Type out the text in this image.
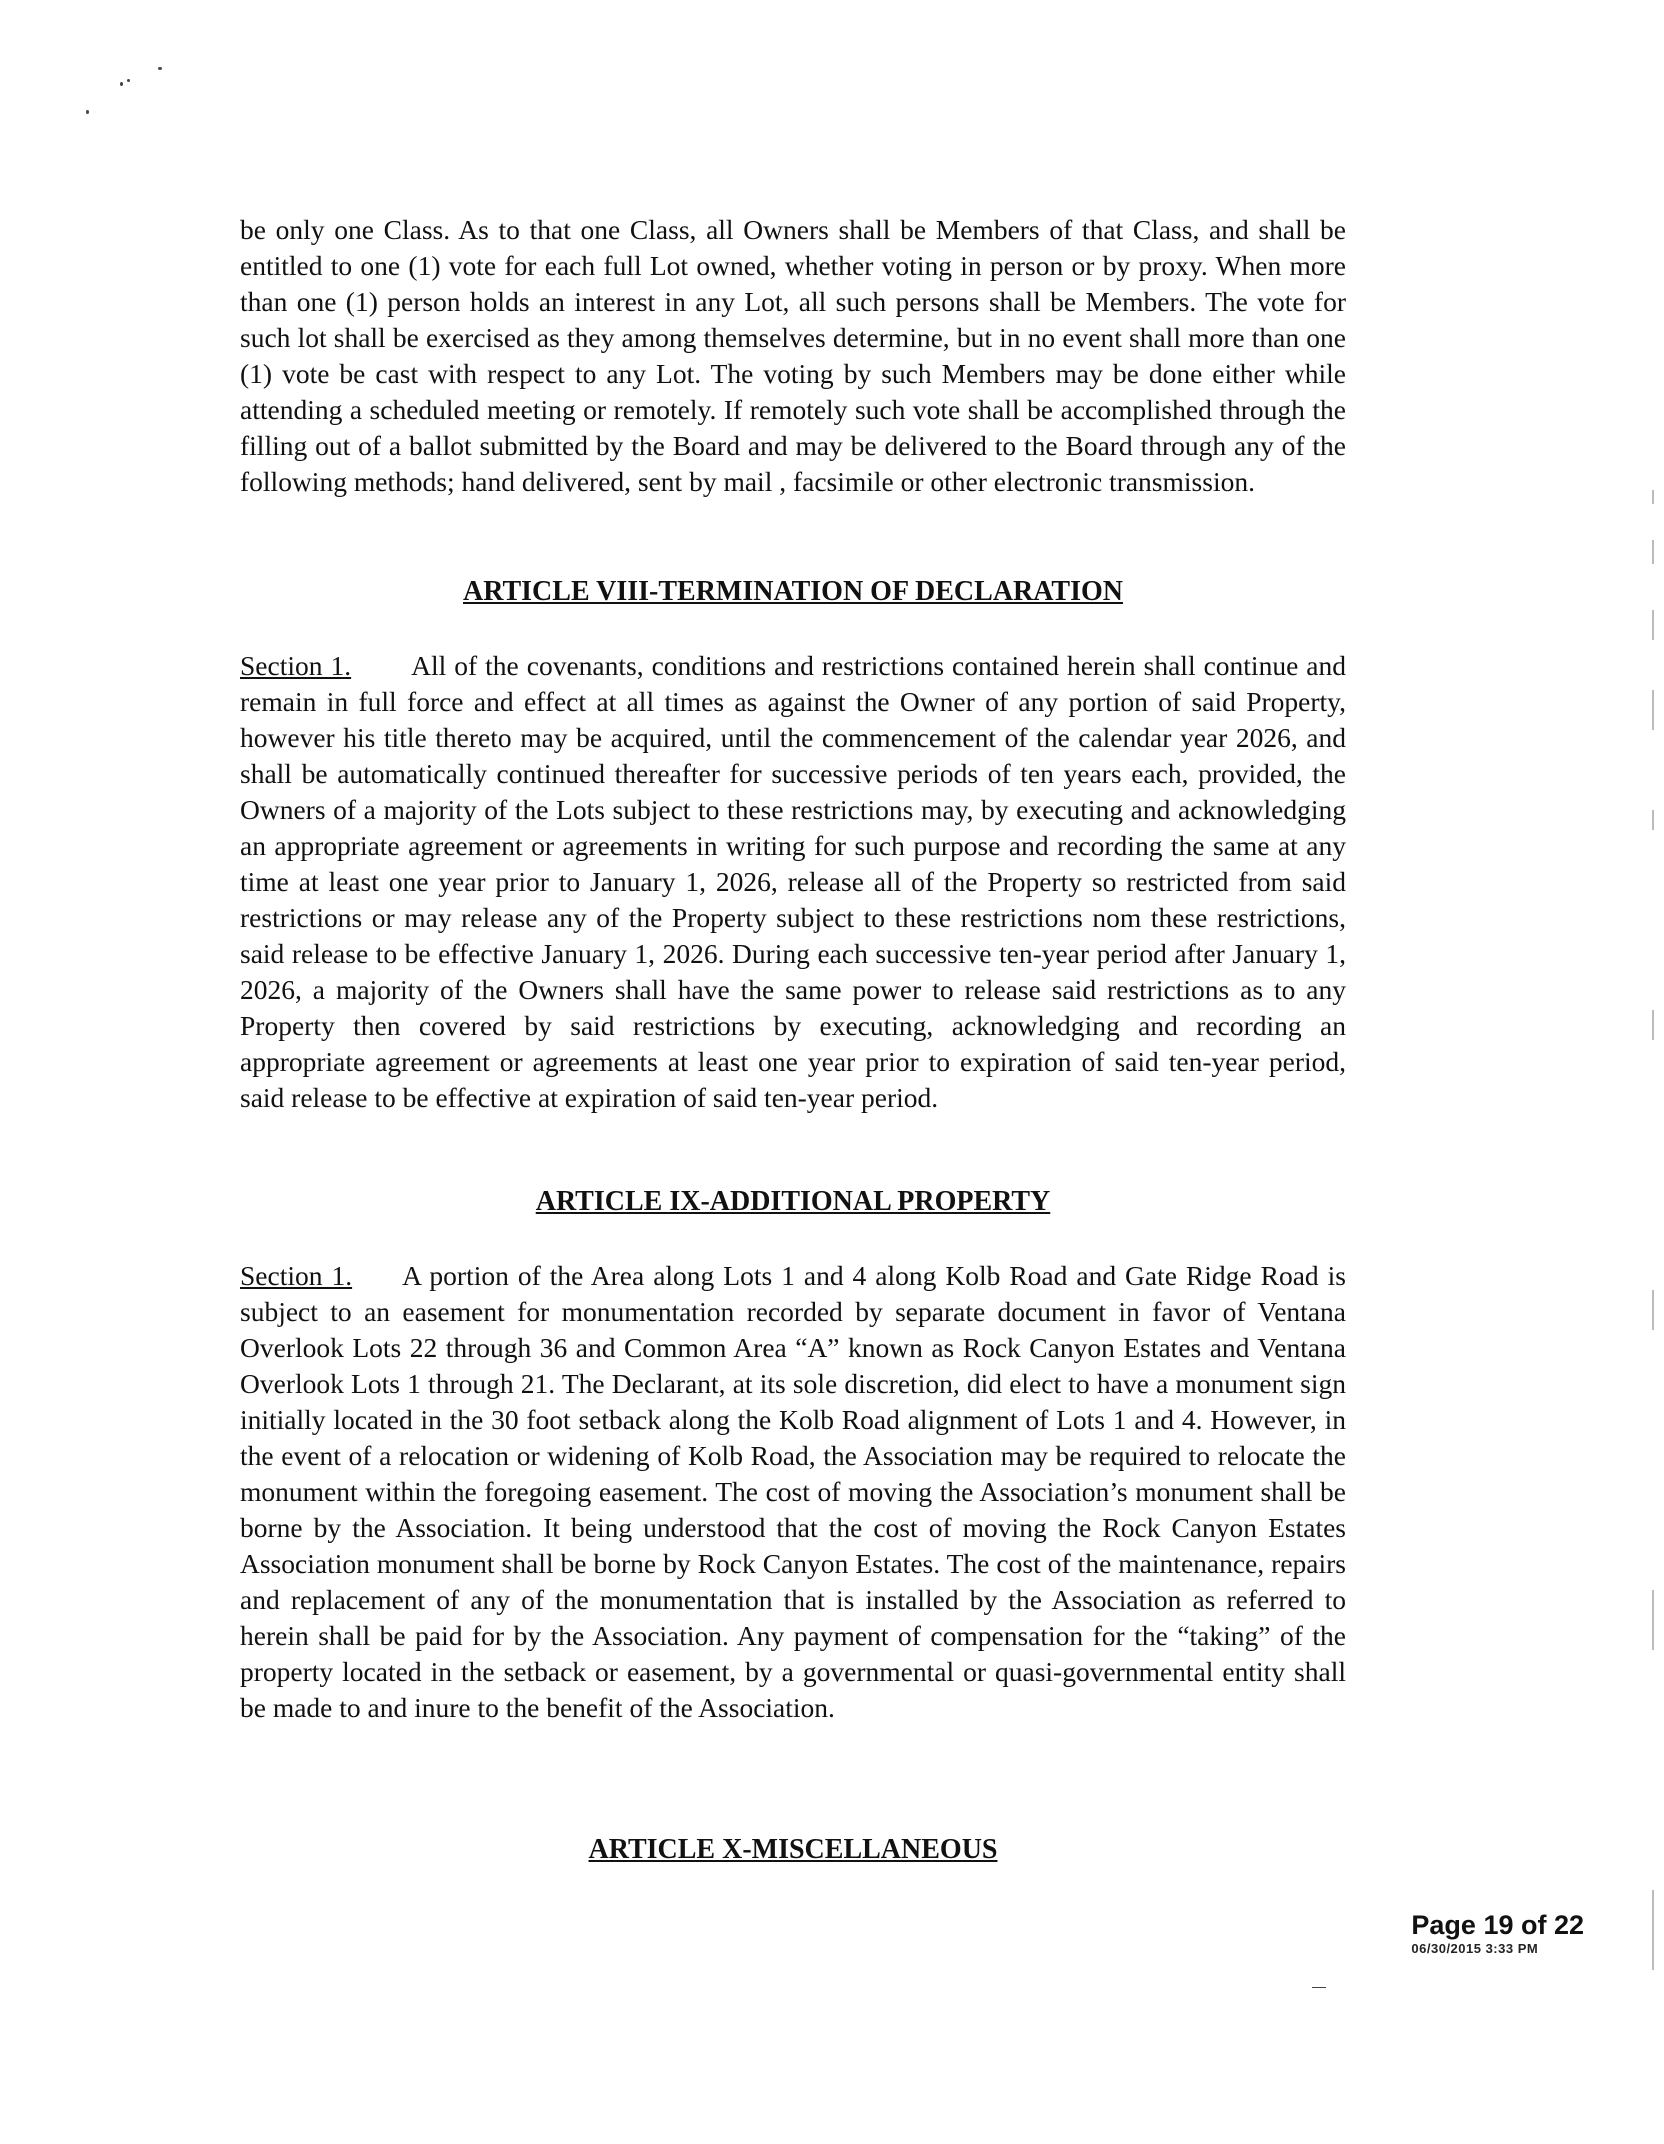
be only one Class. As to that one Class, all Owners shall be Members of that Class, and shall be entitled to one (1) vote for each full Lot owned, whether voting in person or by proxy. When more than one (1) person holds an interest in any Lot, all such persons shall be Members. The vote for such lot shall be exercised as they among themselves determine, but in no event shall more than one (1) vote be cast with respect to any Lot. The voting by such Members may be done either while attending a scheduled meeting or remotely. If remotely such vote shall be accomplished through the filling out of a ballot submitted by the Board and may be delivered to the Board through any of the following methods; hand delivered, sent by mail , facsimile or other electronic transmission.

ARTICLE VIII-TERMINATION OF DECLARATION

Section 1. All of the covenants, conditions and restrictions contained herein shall continue and remain in full force and effect at all times as against the Owner of any portion of said Property, however his title thereto may be acquired, until the commencement of the calendar year 2026, and shall be automatically continued thereafter for successive periods of ten years each, provided, the Owners of a majority of the Lots subject to these restrictions may, by executing and acknowledging an appropriate agreement or agreements in writing for such purpose and recording the same at any time at least one year prior to January 1, 2026, release all of the Property so restricted from said restrictions or may release any of the Property subject to these restrictions nom these restrictions, said release to be effective January 1, 2026. During each successive ten-year period after January 1, 2026, a majority of the Owners shall have the same power to release said restrictions as to any Property then covered by said restrictions by executing, acknowledging and recording an appropriate agreement or agreements at least one year prior to expiration of said ten-year period, said release to be effective at expiration of said ten-year period.

ARTICLE IX-ADDITIONAL PROPERTY

Section 1. A portion of the Area along Lots 1 and 4 along Kolb Road and Gate Ridge Road is subject to an easement for monumentation recorded by separate document in favor of Ventana Overlook Lots 22 through 36 and Common Area “A” known as Rock Canyon Estates and Ventana Overlook Lots 1 through 21. The Declarant, at its sole discretion, did elect to have a monument sign initially located in the 30 foot setback along the Kolb Road alignment of Lots 1 and 4. However, in the event of a relocation or widening of Kolb Road, the Association may be required to relocate the monument within the foregoing easement. The cost of moving the Association’s monument shall be borne by the Association. It being understood that the cost of moving the Rock Canyon Estates Association monument shall be borne by Rock Canyon Estates. The cost of the maintenance, repairs and replacement of any of the monumentation that is installed by the Association as referred to herein shall be paid for by the Association. Any payment of compensation for the “taking” of the property located in the setback or easement, by a governmental or quasi-governmental entity shall be made to and inure to the benefit of the Association.

ARTICLE X-MISCELLANEOUS
Page 19 of 22
06/30/2015 3:33 PM
—
